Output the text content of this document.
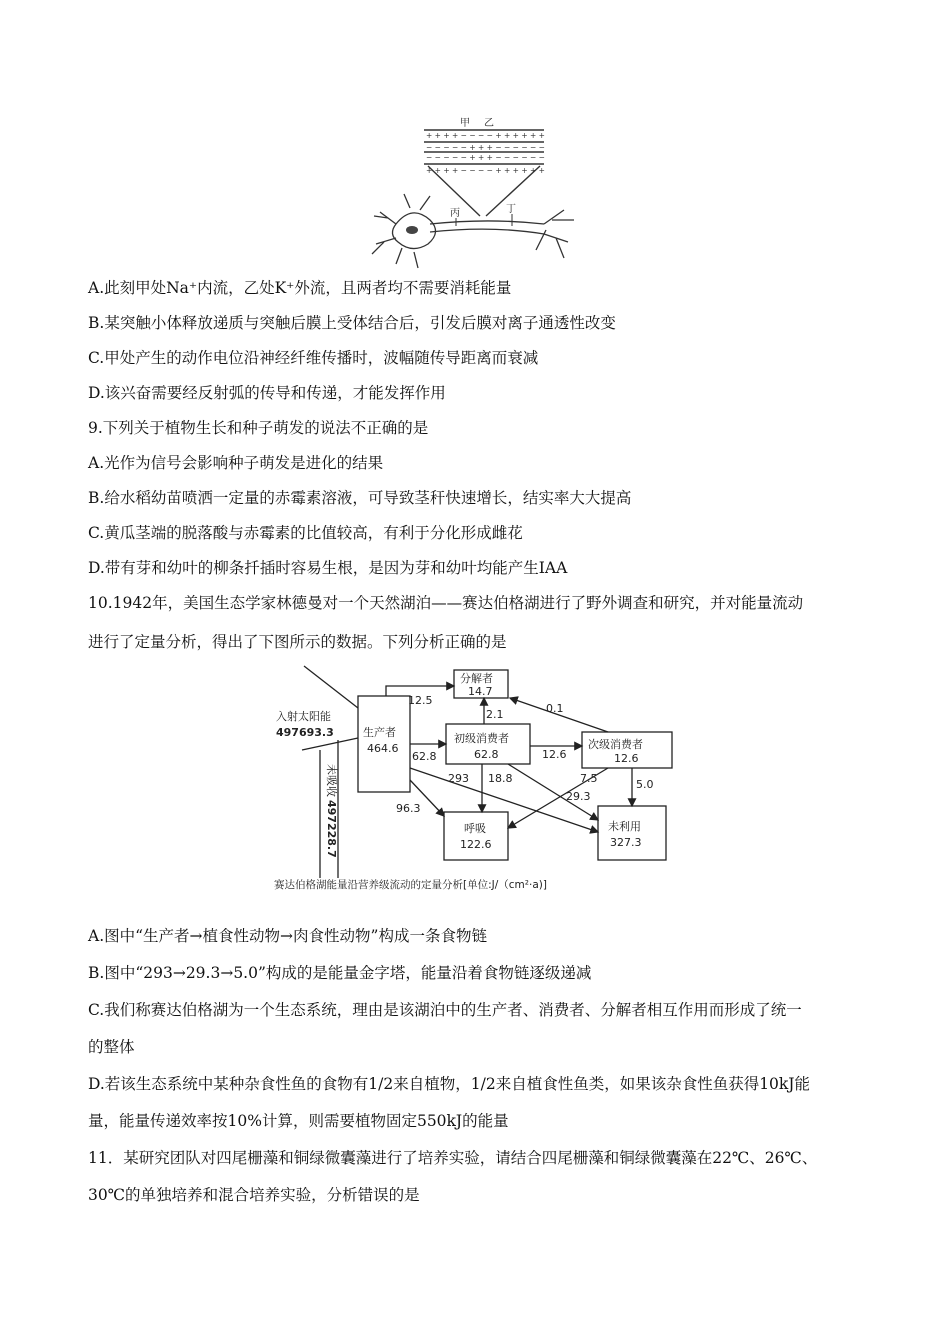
甲 乙
+ + + + − − − − + + + + + +
− − − − − + + + − − − − − −
− − − − − + + + − − − − − −
+ + + + − − − − + + + + + +
丙	丁
A.此刻甲处Na⁺内流，乙处K⁺外流，且两者均不需要消耗能量
B.某突触小体释放递质与突触后膜上受体结合后，引发后膜对离子通透性改变
C.甲处产生的动作电位沿神经纤维传播时，波幅随传导距离而衰减
D.该兴奋需要经反射弧的传导和传递，才能发挥作用
9.下列关于植物生长和种子萌发的说法不正确的是
A.光作为信号会影响种子萌发是进化的结果
B.给水稻幼苗喷洒一定量的赤霉素溶液，可导致茎秆快速增长，结实率大大提高
C.黄瓜茎端的脱落酸与赤霉素的比值较高，有利于分化形成雌花
D.带有芽和幼叶的柳条扦插时容易生根，是因为芽和幼叶均能产生IAA
10.1942年，美国生态学家林德曼对一个天然湖泊——赛达伯格湖进行了野外调查和研究，并对能量流动
进行了定量分析，得出了下图所示的数据。下列分析正确的是
入射太阳能
497693.3
未吸收
497228.7
生产者
464.6
分解者
14.7
初级消费者
62.8
次级消费者
12.6
呼吸
122.6
未利用
327.3
12.5
2.1	0.1
62.8	12.6
96.3
293 18.8
29.3
7.5	5.0
赛达伯格湖能量沿营养级流动的定量分析[单位:J/（cm²·a)]
A.图中“生产者→植食性动物→肉食性动物”构成一条食物链
B.图中“293→29.3→5.0”构成的是能量金字塔，能量沿着食物链逐级递减
C.我们称赛达伯格湖为一个生态系统，理由是该湖泊中的生产者、消费者、分解者相互作用而形成了统一
的整体
D.若该生态系统中某种杂食性鱼的食物有1/2来自植物，1/2来自植食性鱼类，如果该杂食性鱼获得10kJ能
量，能量传递效率按10%计算，则需要植物固定550kJ的能量
11．某研究团队对四尾栅藻和铜绿微囊藻进行了培养实验，请结合四尾栅藻和铜绿微囊藻在22℃、26℃、
30℃的单独培养和混合培养实验，分析错误的是
